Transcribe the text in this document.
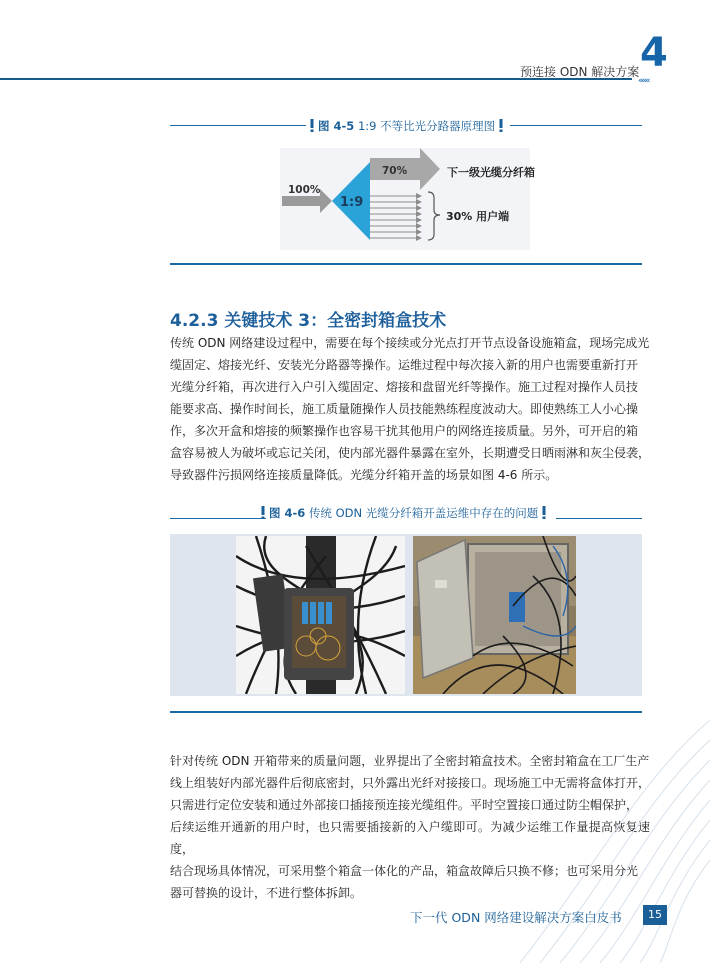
预连接 ODN 解决方案 4
«««
图 4-5 1:9 不等比光分路器原理图
100%
1:9
70%	下一级光缆分纤箱
30% 用户端
4.2.3 关键技术 3：全密封箱盒技术
传统 ODN 网络建设过程中，需要在每个接续或分光点打开节点设备设施箱盒，现场完成光
缆固定、熔接光纤、安装光分路器等操作。运维过程中每次接入新的用户也需要重新打开
光缆分纤箱，再次进行入户引入缆固定、熔接和盘留光纤等操作。施工过程对操作人员技
能要求高、操作时间长，施工质量随操作人员技能熟练程度波动大。即使熟练工人小心操
作，多次开盒和熔接的频繁操作也容易干扰其他用户的网络连接质量。另外，可开启的箱
盒容易被人为破坏或忘记关闭，使内部光器件暴露在室外，长期遭受日晒雨淋和灰尘侵袭，
导致器件污损网络连接质量降低。光缆分纤箱开盖的场景如图 4-6 所示。
图 4-6 传统 ODN 光缆分纤箱开盖运维中存在的问题
针对传统 ODN 开箱带来的质量问题，业界提出了全密封箱盒技术。全密封箱盒在工厂生产
线上组装好内部光器件后彻底密封，只外露出光纤对接接口。现场施工中无需将盒体打开，
只需进行定位安装和通过外部接口插接预连接光缆组件。平时空置接口通过防尘帽保护，
后续运维开通新的用户时，也只需要插接新的入户缆即可。为减少运维工作量提高恢复速度，
结合现场具体情况，可采用整个箱盒一体化的产品，箱盒故障后只换不修；也可采用分光
器可替换的设计，不进行整体拆卸。
下一代 ODN 网络建设解决方案白皮书	15
